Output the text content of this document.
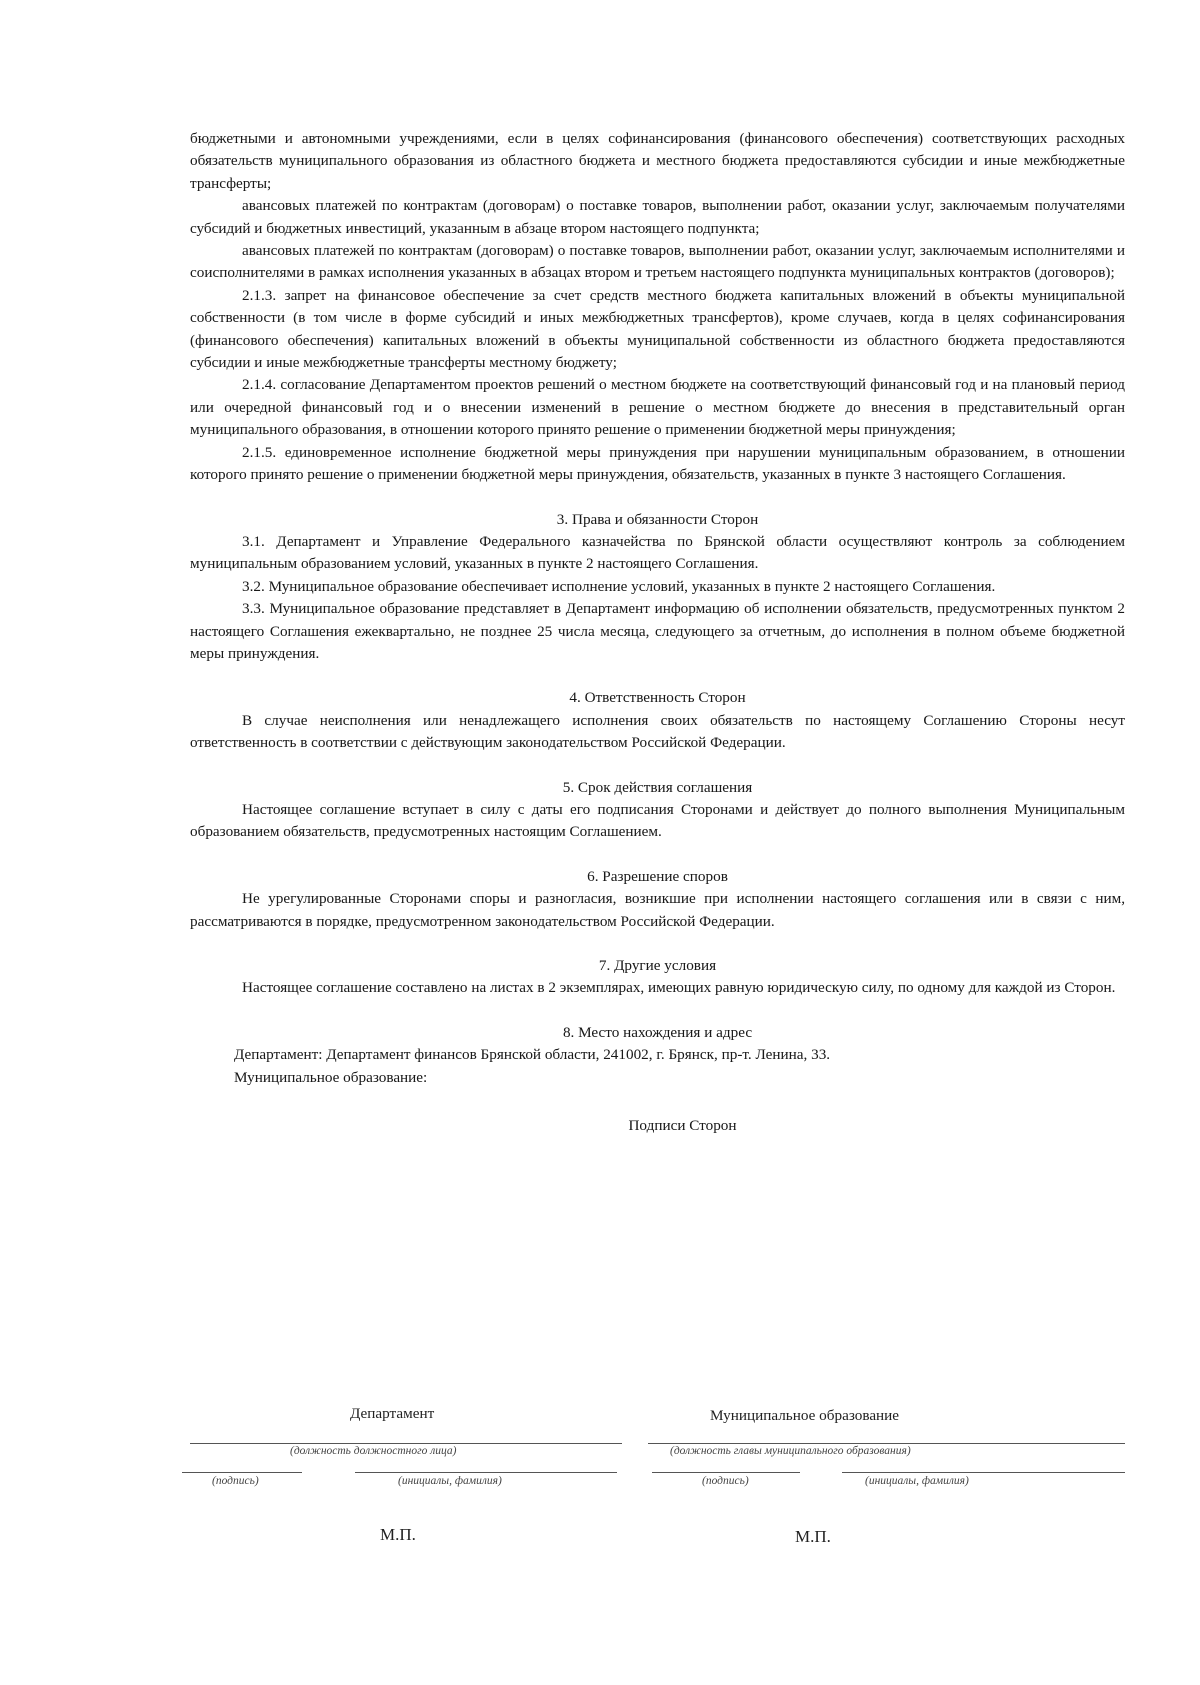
бюджетными и автономными учреждениями, если в целях софинансирования (финансового обеспечения) соответствующих расходных обязательств муниципального образования из областного бюджета и местного бюджета предоставляются субсидии и иные межбюджетные трансферты;

авансовых платежей по контрактам (договорам) о поставке товаров, выполнении работ, оказании услуг, заключаемым получателями субсидий и бюджетных инвестиций, указанным в абзаце втором настоящего подпункта;

авансовых платежей по контрактам (договорам) о поставке товаров, выполнении работ, оказании услуг, заключаемым исполнителями и соисполнителями в рамках исполнения указанных в абзацах втором и третьем настоящего подпункта муниципальных контрактов (договоров);

2.1.3. запрет на финансовое обеспечение за счет средств местного бюджета капитальных вложений в объекты муниципальной собственности (в том числе в форме субсидий и иных межбюджетных трансфертов), кроме случаев, когда в целях софинансирования (финансового обеспечения) капитальных вложений в объекты муниципальной собственности из областного бюджета предоставляются субсидии и иные межбюджетные трансферты местному бюджету;

2.1.4. согласование Департаментом проектов решений о местном бюджете на соответствующий финансовый год и на плановый период или очередной финансовый год и о внесении изменений в решение о местном бюджете до внесения в представительный орган муниципального образования, в отношении которого принято решение о применении бюджетной меры принуждения;

2.1.5. единовременное исполнение бюджетной меры принуждения при нарушении муниципальным образованием, в отношении которого принято решение о применении бюджетной меры принуждения, обязательств, указанных в пункте 3 настоящего Соглашения.

3. Права и обязанности Сторон

3.1. Департамент и Управление Федерального казначейства по Брянской области осуществляют контроль за соблюдением муниципальным образованием условий, указанных в пункте 2 настоящего Соглашения.

3.2. Муниципальное образование обеспечивает исполнение условий, указанных в пункте 2 настоящего Соглашения.

3.3. Муниципальное образование представляет в Департамент информацию об исполнении обязательств, предусмотренных пунктом 2 настоящего Соглашения ежеквартально, не позднее 25 числа месяца, следующего за отчетным, до исполнения в полном объеме бюджетной меры принуждения.

4. Ответственность Сторон

В случае неисполнения или ненадлежащего исполнения своих обязательств по настоящему Соглашению Стороны несут ответственность в соответствии с действующим законодательством Российской Федерации.

5. Срок действия соглашения

Настоящее соглашение вступает в силу с даты его подписания Сторонами и действует до полного выполнения Муниципальным образованием обязательств, предусмотренных настоящим Соглашением.

6. Разрешение споров

Не урегулированные Сторонами споры и разногласия, возникшие при исполнении настоящего соглашения или в связи с ним, рассматриваются в порядке, предусмотренном законодательством Российской Федерации.

7. Другие условия

Настоящее соглашение составлено на листах в 2 экземплярах, имеющих равную юридическую силу, по одному для каждой из Сторон.

8. Место нахождения и адрес

Департамент: Департамент финансов Брянской области, 241002, г. Брянск, пр-т. Ленина, 33.

Муниципальное образование:

Подписи Сторон

Департамент
(должность должностного лица)
(подпись)	(инициалы, фамилия)
М.П.
Муниципальное образование
(должность главы муниципального образования)
(подпись)	(инициалы, фамилия)
М.П.
